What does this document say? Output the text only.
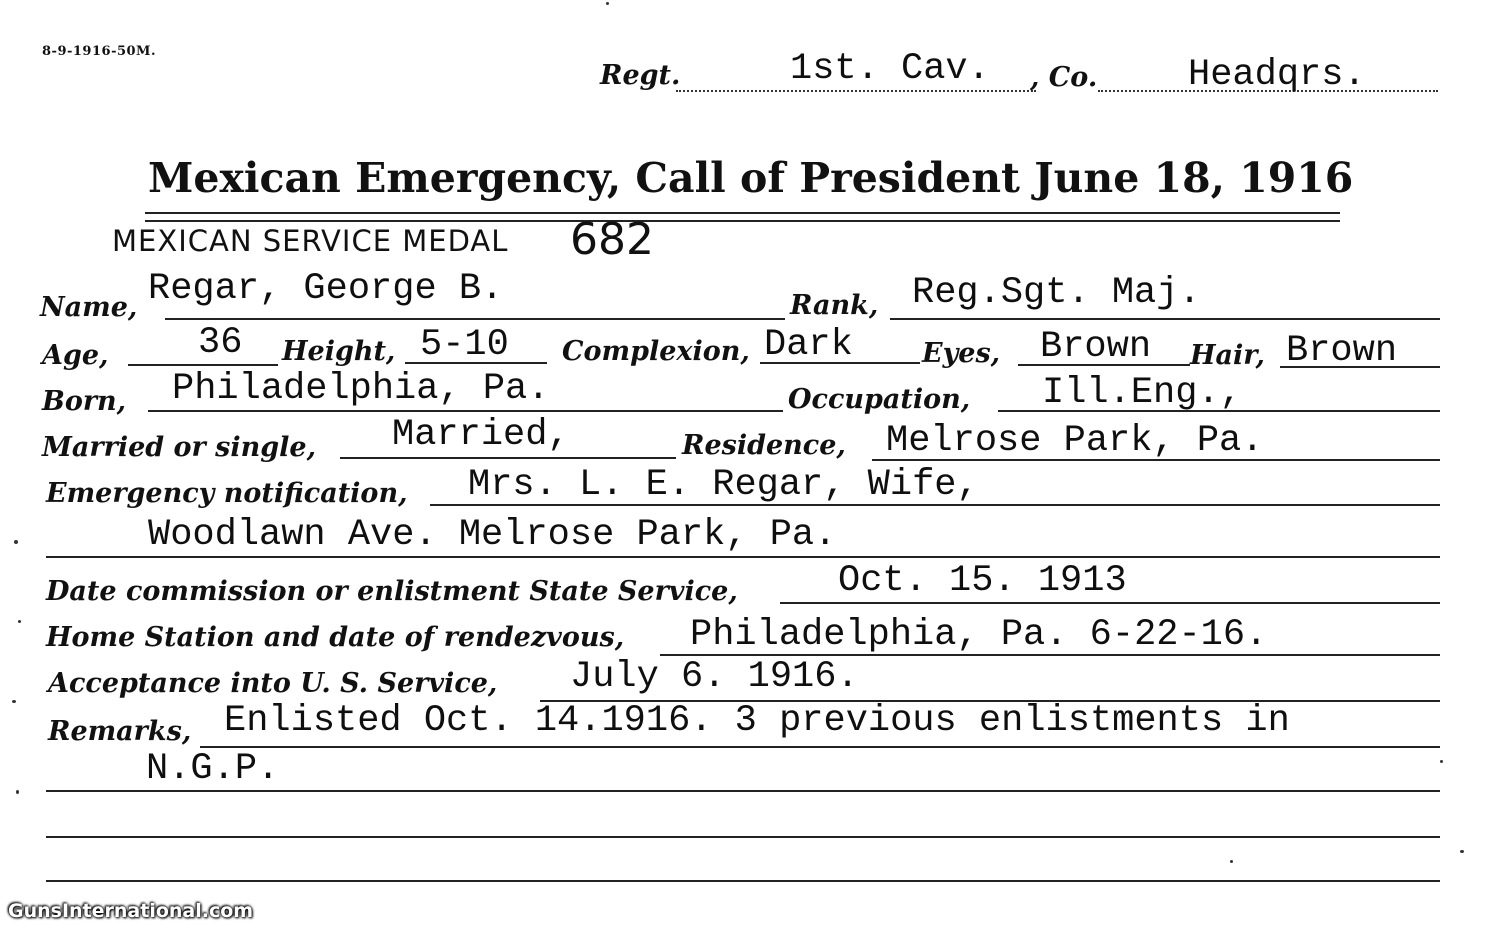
8-9-1916-50M.
Regt.	1st. Cav. , Co. Headqrs.
Mexican Emergency, Call of President June 18, 1916
MEXICAN SERVICE MEDAL 682
Name, Regar, George B.	Rank, Reg.Sgt. Maj.
Age, 36 Height, 5-10 Complexion, Dark	Eyes, Brown Hair, Brown
Born, Philadelphia, Pa.	Occupation, Ill.Eng.,
Married or single, Married,	Residence, Melrose Park, Pa.
Emergency notification, Mrs. L. E. Regar, Wife,
Woodlawn Ave. Melrose Park, Pa.
Date commission or enlistment State Service,	Oct. 15. 1913
Home Station and date of rendezvous, Philadelphia, Pa. 6-22-16.
Acceptance into U. S. Service, July 6. 1916.
Remarks, Enlisted Oct. 14.1916. 3 previous enlistments in
N.G.P.
GunsInternational.com
